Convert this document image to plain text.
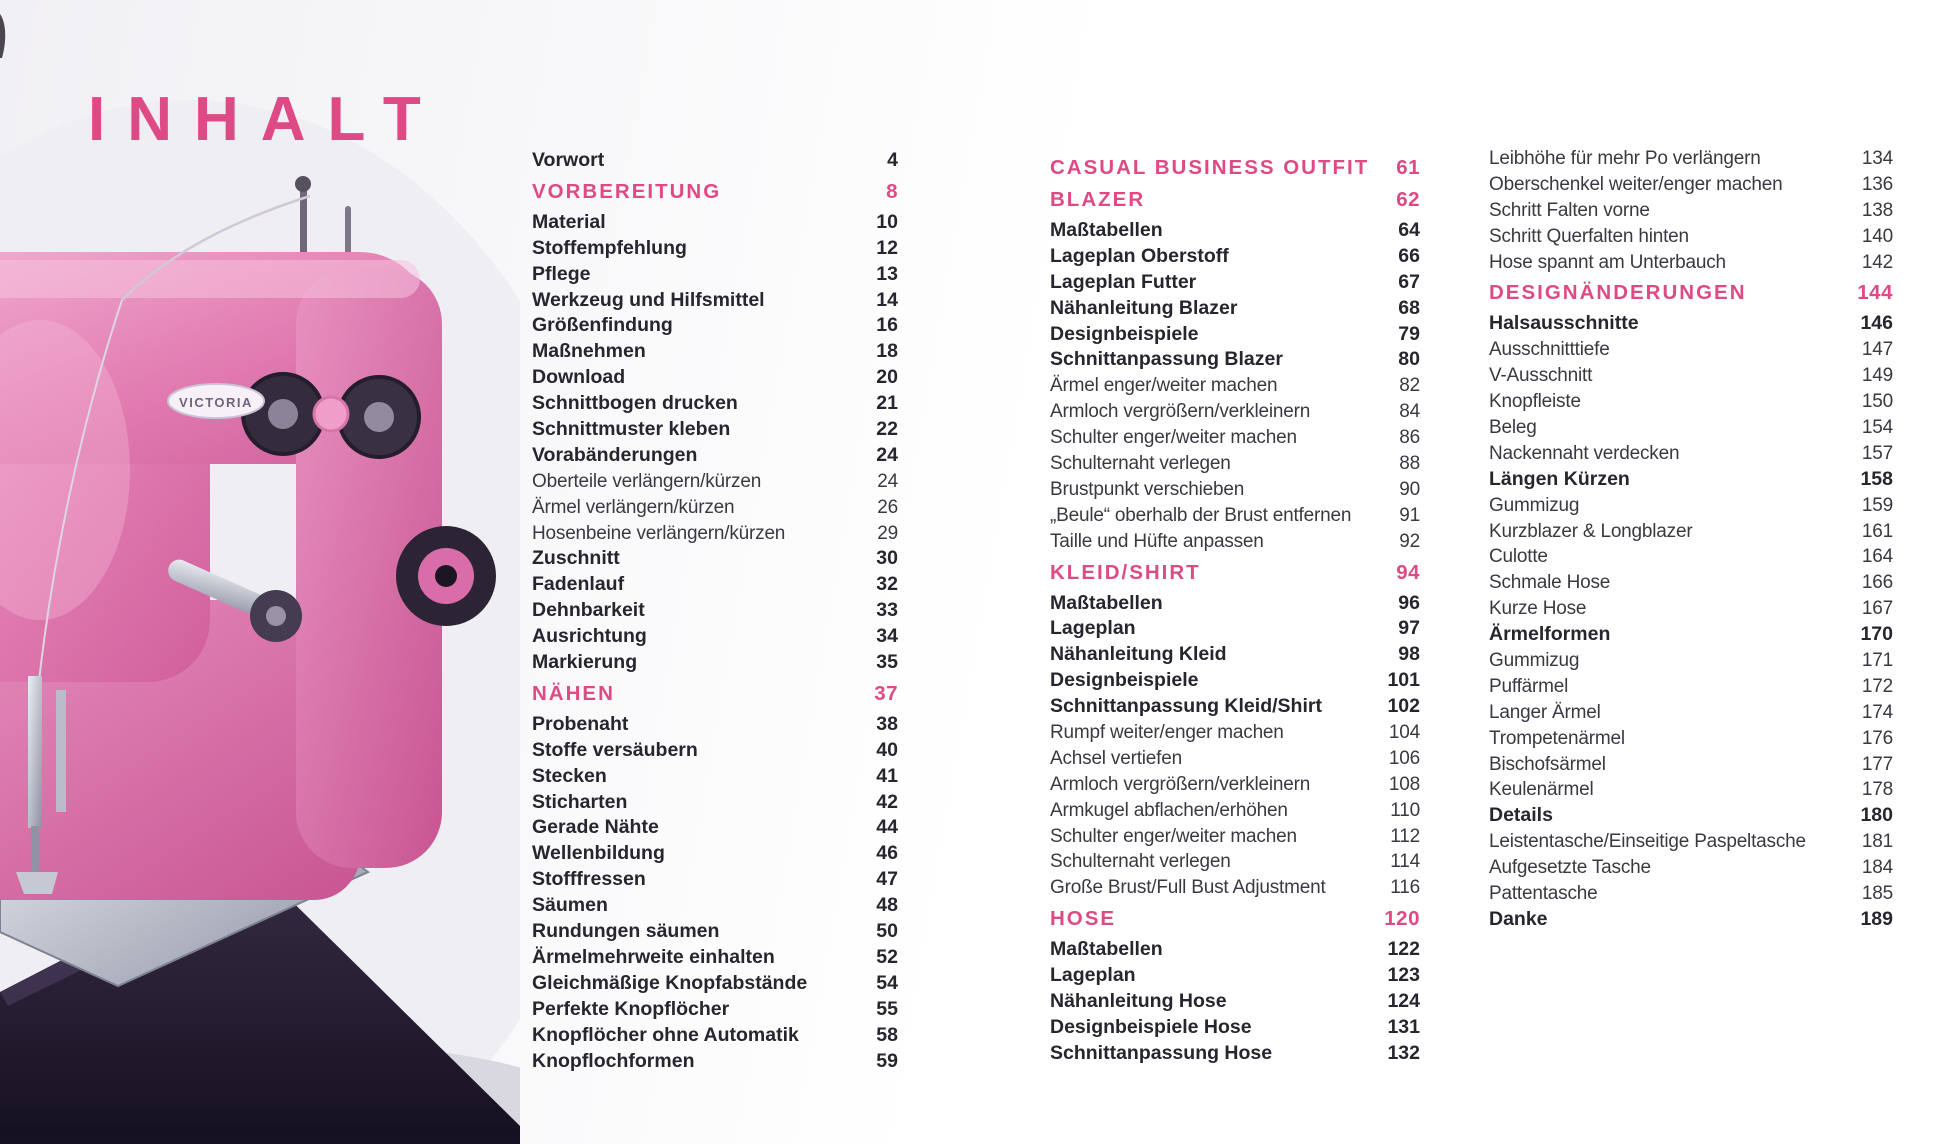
VICTORIA
INHALT
Vorwort	4
VORBEREITUNG	8
Material	10
Stoffempfehlung	12
Pflege	13
Werkzeug und Hilfsmittel	14
Größenfindung	16
Maßnehmen	18
Download	20
Schnittbogen drucken	21
Schnittmuster kleben	22
Vorabänderungen	24
Oberteile verlängern/kürzen	24
Ärmel verlängern/kürzen	26
Hosenbeine verlängern/kürzen	29
Zuschnitt	30
Fadenlauf	32
Dehnbarkeit	33
Ausrichtung	34
Markierung	35
NÄHEN	37
Probenaht	38
Stoffe versäubern	40
Stecken	41
Sticharten	42
Gerade Nähte	44
Wellenbildung	46
Stofffressen	47
Säumen	48
Rundungen säumen	50
Ärmelmehrweite einhalten	52
Gleichmäßige Knopfabstände	54
Perfekte Knopflöcher	55
Knopflöcher ohne Automatik	58
Knopflochformen	59
CASUAL BUSINESS OUTFIT 61
BLAZER	62
Maßtabellen	64
Lageplan Oberstoff	66
Lageplan Futter	67
Nähanleitung Blazer	68
Designbeispiele	79
Schnittanpassung Blazer	80
Ärmel enger/weiter machen	82
Armloch vergrößern/verkleinern	84
Schulter enger/weiter machen	86
Schulternaht verlegen	88
Brustpunkt verschieben	90
„Beule“ oberhalb der Brust entfernen	91
Taille und Hüfte anpassen	92
KLEID/SHIRT	94
Maßtabellen	96
Lageplan	97
Nähanleitung Kleid	98
Designbeispiele	101
Schnittanpassung Kleid/Shirt	102
Rumpf weiter/enger machen	104
Achsel vertiefen	106
Armloch vergrößern/verkleinern	108
Armkugel abflachen/erhöhen	110
Schulter enger/weiter machen	112
Schulternaht verlegen	114
Große Brust/Full Bust Adjustment	116
HOSE	120
Maßtabellen	122
Lageplan	123
Nähanleitung Hose	124
Designbeispiele Hose	131
Schnittanpassung Hose	132
Leibhöhe für mehr Po verlängern	134
Oberschenkel weiter/enger machen	136
Schritt Falten vorne	138
Schritt Querfalten hinten	140
Hose spannt am Unterbauch	142
DESIGNÄNDERUNGEN	144
Halsausschnitte	146
Ausschnitttiefe	147
V-Ausschnitt	149
Knopfleiste	150
Beleg	154
Nackennaht verdecken	157
Längen Kürzen	158
Gummizug	159
Kurzblazer & Longblazer	161
Culotte	164
Schmale Hose	166
Kurze Hose	167
Ärmelformen	170
Gummizug	171
Puffärmel	172
Langer Ärmel	174
Trompetenärmel	176
Bischofsärmel	177
Keulenärmel	178
Details	180
Leistentasche/Einseitige Paspeltasche	181
Aufgesetzte Tasche	184
Pattentasche	185
Danke	189
